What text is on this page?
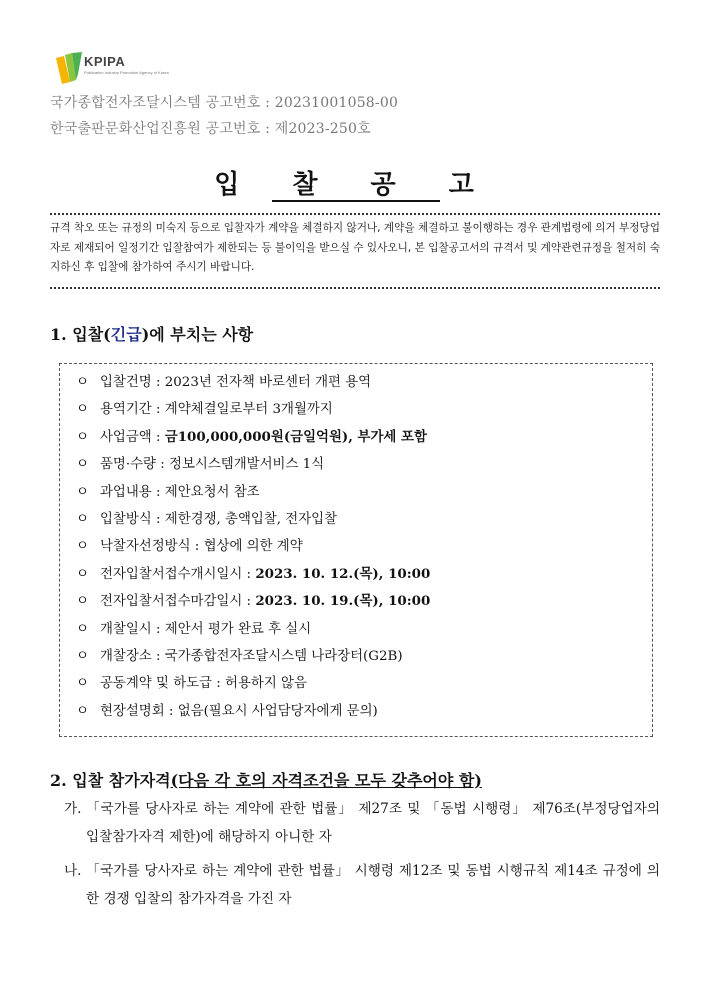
KPIPA
Publication Industry Promotion Agency of Korea
국가종합전자조달시스템 공고번호 : 20231001058-00
한국출판문화산업진흥원 공고번호 : 제2023-250호
입 찰 공 고
규격 착오 또는 규정의 미숙지 등으로 입찰자가 계약을 체결하지 않거나, 계약을 체결하고 불이행하는 경우 관계법령에 의거 부정당업자로 제재되어 일정기간 입찰참여가 제한되는 등 불이익을 받으실 수 있사오니, 본 입찰공고서의 규격서 및 계약관련규정을 철저히 숙지하신 후 입찰에 참가하여 주시기 바랍니다.
1. 입찰(긴급)에 부치는 사항
ㅇ 입찰건명 : 2023년 전자책 바로센터 개편 용역
ㅇ 용역기간 : 계약체결일로부터 3개월까지
ㅇ 사업금액 : 금100,000,000원(금일억원), 부가세 포함
ㅇ 품명·수량 : 정보시스템개발서비스 1식
ㅇ 과업내용 : 제안요청서 참조
ㅇ 입찰방식 : 제한경쟁, 총액입찰, 전자입찰
ㅇ 낙찰자선정방식 : 협상에 의한 계약
ㅇ 전자입찰서접수개시일시 : 2023. 10. 12.(목), 10:00
ㅇ 전자입찰서접수마감일시 : 2023. 10. 19.(목), 10:00
ㅇ 개찰일시 : 제안서 평가 완료 후 실시
ㅇ 개찰장소 : 국가종합전자조달시스템 나라장터(G2B)
ㅇ 공동계약 및 하도급 : 허용하지 않음
ㅇ 현장설명회 : 없음(필요시 사업담당자에게 문의)
2. 입찰 참가자격(다음 각 호의 자격조건을 모두 갖추어야 함)
가. 「국가를 당사자로 하는 계약에 관한 법률」 제27조 및 「동법 시행령」 제76조(부정당업자의 입찰참가자격 제한)에 해당하지 아니한 자
나. 「국가를 당사자로 하는 계약에 관한 법률」 시행령 제12조 및 동법 시행규칙 제14조 규정에 의한 경쟁 입찰의 참가자격을 가진 자
